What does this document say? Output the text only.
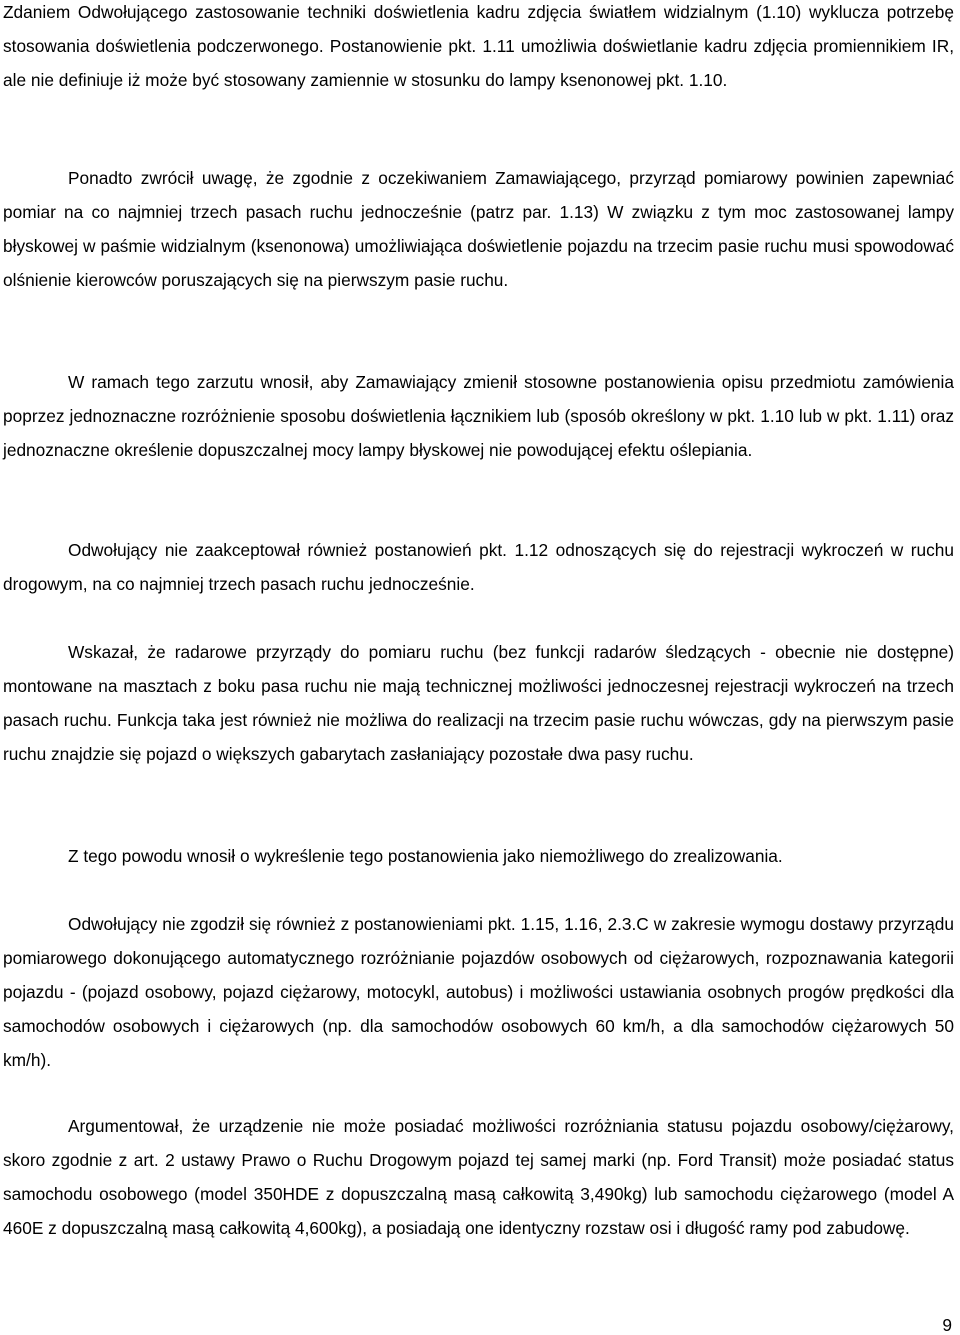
Zdaniem Odwołującego zastosowanie techniki doświetlenia kadru zdjęcia światłem widzialnym (1.10) wyklucza potrzebę stosowania doświetlenia podczerwonego. Postanowienie pkt. 1.11 umożliwia doświetlanie kadru zdjęcia promiennikiem IR, ale nie definiuje iż może być stosowany zamiennie w stosunku do lampy ksenonowej pkt. 1.10.

Ponadto zwrócił uwagę, że zgodnie z oczekiwaniem Zamawiającego, przyrząd pomiarowy powinien zapewniać pomiar na co najmniej trzech pasach ruchu jednocześnie (patrz par. 1.13) W związku z tym moc zastosowanej lampy błyskowej w paśmie widzialnym (ksenonowa) umożliwiająca doświetlenie pojazdu na trzecim pasie ruchu musi spowodować olśnienie kierowców poruszających się na pierwszym pasie ruchu.

W ramach tego zarzutu wnosił, aby Zamawiający zmienił stosowne postanowienia opisu przedmiotu zamówienia poprzez jednoznaczne rozróżnienie sposobu doświetlenia łącznikiem lub (sposób określony w pkt. 1.10 lub w pkt. 1.11) oraz jednoznaczne określenie dopuszczalnej mocy lampy błyskowej nie powodującej efektu oślepiania.

Odwołujący nie zaakceptował również postanowień pkt. 1.12 odnoszących się do rejestracji wykroczeń w ruchu drogowym, na co najmniej trzech pasach ruchu jednocześnie.

Wskazał, że radarowe przyrządy do pomiaru ruchu (bez funkcji radarów śledzących - obecnie nie dostępne) montowane na masztach z boku pasa ruchu nie mają technicznej możliwości jednoczesnej rejestracji wykroczeń na trzech pasach ruchu. Funkcja taka jest również nie możliwa do realizacji na trzecim pasie ruchu wówczas, gdy na pierwszym pasie ruchu znajdzie się pojazd o większych gabarytach zasłaniający pozostałe dwa pasy ruchu.

Z tego powodu wnosił o wykreślenie tego postanowienia jako niemożliwego do zrealizowania.

Odwołujący nie zgodził się również z postanowieniami pkt. 1.15, 1.16, 2.3.C w zakresie wymogu dostawy przyrządu pomiarowego dokonującego automatycznego rozróżnianie pojazdów osobowych od ciężarowych, rozpoznawania kategorii pojazdu - (pojazd osobowy, pojazd ciężarowy, motocykl, autobus) i możliwości ustawiania osobnych progów prędkości dla samochodów osobowych i ciężarowych (np. dla samochodów osobowych 60 km/h, a dla samochodów ciężarowych 50 km/h).

Argumentował, że urządzenie nie może posiadać możliwości rozróżniania statusu pojazdu osobowy/ciężarowy, skoro zgodnie z art. 2 ustawy Prawo o Ruchu Drogowym pojazd tej samej marki (np. Ford Transit) może posiadać status samochodu osobowego (model 350HDE z dopuszczalną masą całkowitą 3,490kg) lub samochodu ciężarowego (model A 460E z dopuszczalną masą całkowitą 4,600kg), a posiadają one identyczny rozstaw osi i długość ramy pod zabudowę.

9
